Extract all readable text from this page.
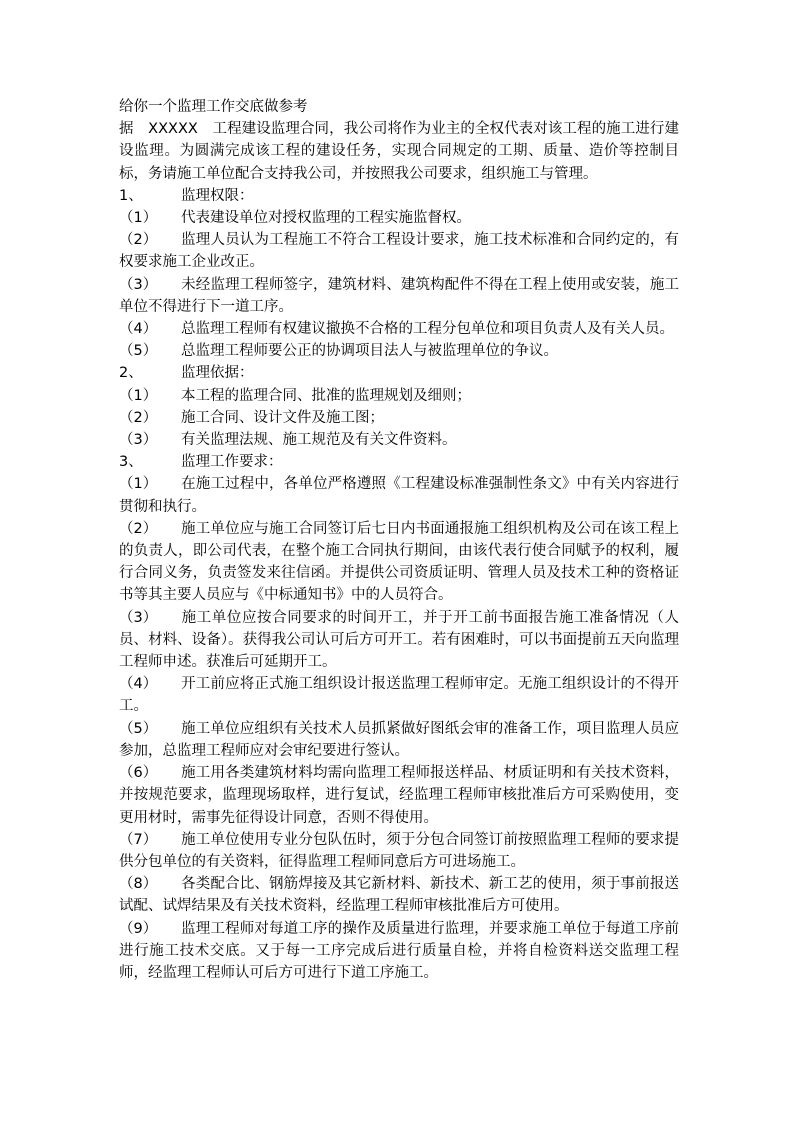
给你一个监理工作交底做参考

据　XXXXX　工程建设监理合同，我公司将作为业主的全权代表对该工程的施工进行建设监理。为圆满完成该工程的建设任务，实现合同规定的工期、质量、造价等控制目标，务请施工单位配合支持我公司，并按照我公司要求，组织施工与管理。

1、	监理权限：

（1） 代表建设单位对授权监理的工程实施监督权。

（2） 监理人员认为工程施工不符合工程设计要求，施工技术标准和合同约定的，有权要求施工企业改正。

（3） 未经监理工程师签字，建筑材料、建筑构配件不得在工程上使用或安装，施工单位不得进行下一道工序。

（4） 总监理工程师有权建议撤换不合格的工程分包单位和项目负责人及有关人员。

（5） 总监理工程师要公正的协调项目法人与被监理单位的争议。

2、	监理依据：

（1） 本工程的监理合同、批准的监理规划及细则；

（2） 施工合同、设计文件及施工图；

（3） 有关监理法规、施工规范及有关文件资料。

3、	监理工作要求：

（1） 在施工过程中，各单位严格遵照《工程建设标准强制性条文》中有关内容进行贯彻和执行。

（2） 施工单位应与施工合同签订后七日内书面通报施工组织机构及公司在该工程上的负责人，即公司代表，在整个施工合同执行期间，由该代表行使合同赋予的权利，履行合同义务，负责签发来往信函。并提供公司资质证明、管理人员及技术工种的资格证书等其主要人员应与《中标通知书》中的人员符合。

（3） 施工单位应按合同要求的时间开工，并于开工前书面报告施工准备情况（人员、材料、设备）。获得我公司认可后方可开工。若有困难时，可以书面提前五天向监理工程师申述。获准后可延期开工。

（4） 开工前应将正式施工组织设计报送监理工程师审定。无施工组织设计的不得开工。

（5） 施工单位应组织有关技术人员抓紧做好图纸会审的准备工作，项目监理人员应参加，总监理工程师应对会审纪要进行签认。

（6） 施工用各类建筑材料均需向监理工程师报送样品、材质证明和有关技术资料，并按规范要求，监理现场取样，进行复试，经监理工程师审核批准后方可采购使用，变更用材时，需事先征得设计同意，否则不得使用。

（7） 施工单位使用专业分包队伍时，须于分包合同签订前按照监理工程师的要求提供分包单位的有关资料，征得监理工程师同意后方可进场施工。

（8） 各类配合比、钢筋焊接及其它新材料、新技术、新工艺的使用，须于事前报送试配、试焊结果及有关技术资料，经监理工程师审核批准后方可使用。

（9） 监理工程师对每道工序的操作及质量进行监理，并要求施工单位于每道工序前进行施工技术交底。又于每一工序完成后进行质量自检，并将自检资料送交监理工程师，经监理工程师认可后方可进行下道工序施工。
